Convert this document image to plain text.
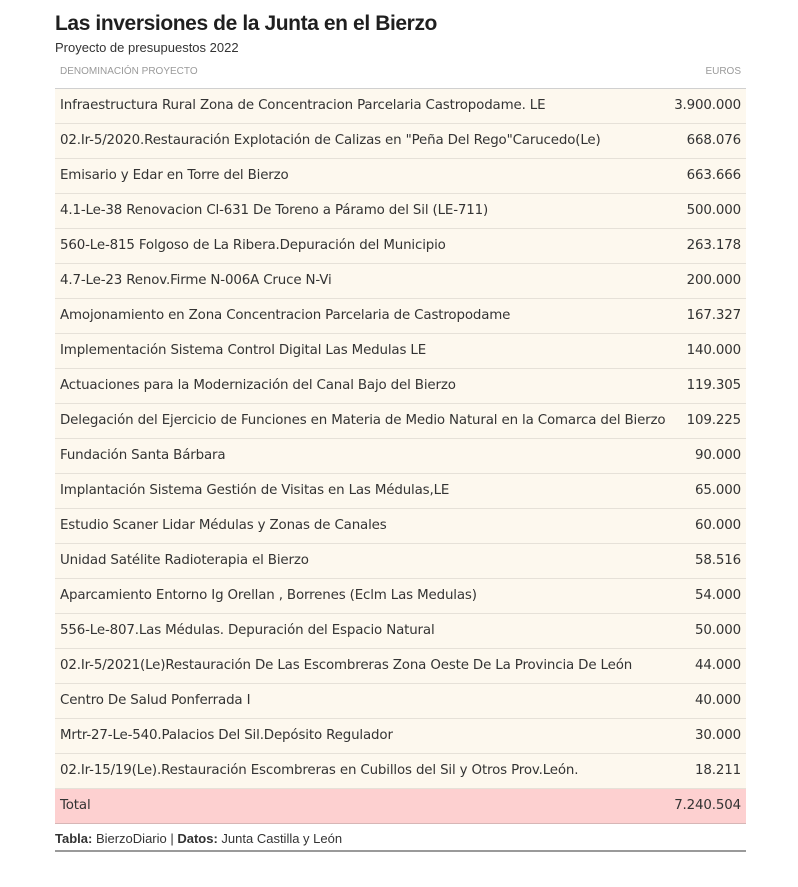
Las inversiones de la Junta en el Bierzo
Proyecto de presupuestos 2022
DENOMINACIÓN PROYECTO	EUROS
Infraestructura Rural Zona de Concentracion Parcelaria Castropodame. LE	3.900.000
02.Ir-5/2020.Restauración Explotación de Calizas en "Peña Del Rego"Carucedo(Le)	668.076
Emisario y Edar en Torre del Bierzo	663.666
4.1-Le-38 Renovacion Cl-631 De Toreno a Páramo del Sil (LE-711)	500.000
560-Le-815 Folgoso de La Ribera.Depuración del Municipio	263.178
4.7-Le-23 Renov.Firme N-006A Cruce N-Vi	200.000
Amojonamiento en Zona Concentracion Parcelaria de Castropodame	167.327
Implementación Sistema Control Digital Las Medulas LE	140.000
Actuaciones para la Modernización del Canal Bajo del Bierzo	119.305
Delegación del Ejercicio de Funciones en Materia de Medio Natural en la Comarca del Bierzo	109.225
Fundación Santa Bárbara	90.000
Implantación Sistema Gestión de Visitas en Las Médulas,LE	65.000
Estudio Scaner Lidar Médulas y Zonas de Canales	60.000
Unidad Satélite Radioterapia el Bierzo	58.516
Aparcamiento Entorno Ig Orellan , Borrenes (Eclm Las Medulas)	54.000
556-Le-807.Las Médulas. Depuración del Espacio Natural	50.000
02.Ir-5/2021(Le)Restauración De Las Escombreras Zona Oeste De La Provincia De León	44.000
Centro De Salud Ponferrada I	40.000
Mrtr-27-Le-540.Palacios Del Sil.Depósito Regulador	30.000
02.Ir-15/19(Le).Restauración Escombreras en Cubillos del Sil y Otros Prov.León.	18.211
Total	7.240.504
Tabla: BierzoDiario | Datos: Junta Castilla y León
